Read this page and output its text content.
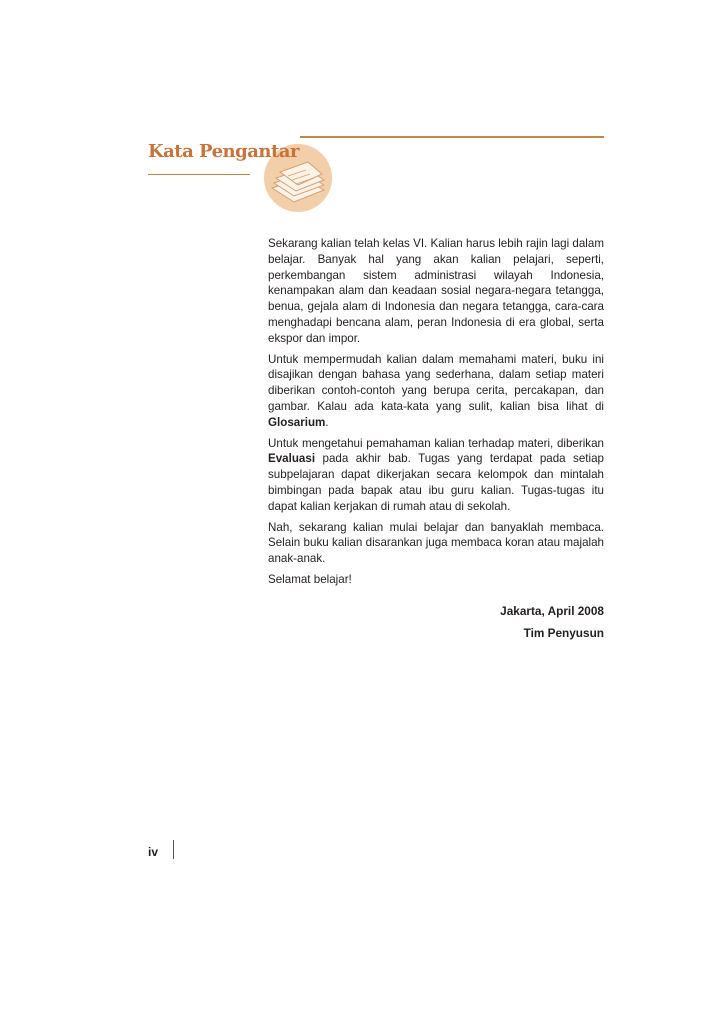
Kata Pengantar

Sekarang kalian telah kelas VI. Kalian harus lebih rajin lagi dalam belajar. Banyak hal yang akan kalian pelajari, seperti, perkembangan sistem administrasi wilayah Indonesia, kenampakan alam dan keadaan sosial negara-negara tetangga, benua, gejala alam di Indonesia dan negara tetangga, cara-cara menghadapi bencana alam, peran Indonesia di era global, serta ekspor dan impor.

Untuk mempermudah kalian dalam memahami materi, buku ini disajikan dengan bahasa yang sederhana, dalam setiap materi diberikan contoh-contoh yang berupa cerita, percakapan, dan gambar. Kalau ada kata-kata yang sulit, kalian bisa lihat di Glosarium.

Untuk mengetahui pemahaman kalian terhadap materi, diberikan Evaluasi pada akhir bab. Tugas yang terdapat pada setiap subpelajaran dapat dikerjakan secara kelompok dan mintalah bimbingan pada bapak atau ibu guru kalian. Tugas-tugas itu dapat kalian kerjakan di rumah atau di sekolah.

Nah, sekarang kalian mulai belajar dan banyaklah membaca. Selain buku kalian disarankan juga membaca koran atau majalah anak-anak.

Selamat belajar!

Jakarta, April 2008
Tim Penyusun
iv
